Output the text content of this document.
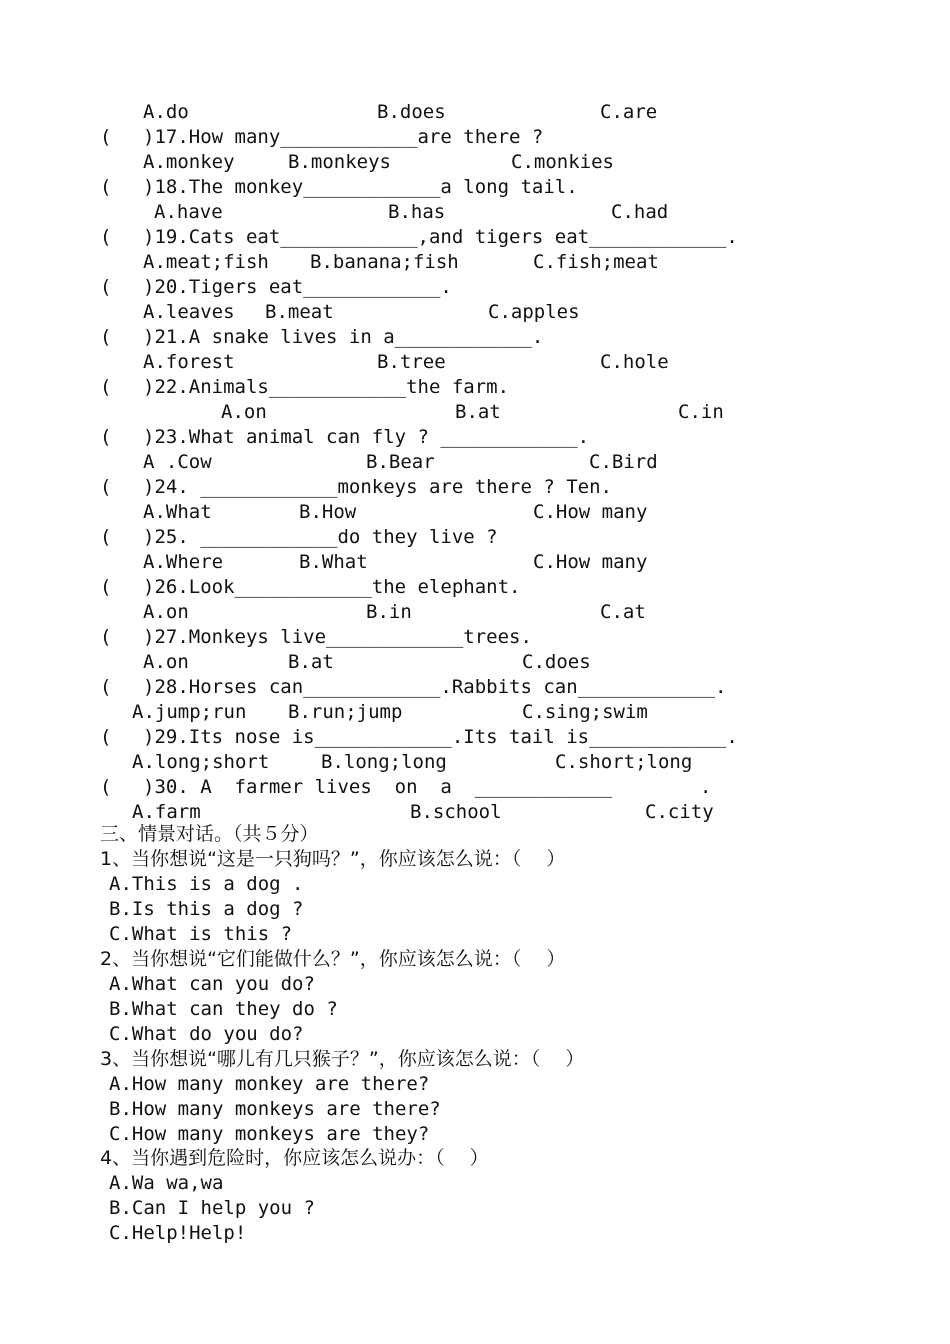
A.do	B.does	C.are
( )17.How many____________are there ?
A.monkey	B.monkeys	C.monkies
( )18.The monkey____________a long tail.
A.have	B.has	C.had
( )19.Cats eat____________,and tigers eat____________.
A.meat;fish B.banana;fish	C.fish;meat
( )20.Tigers eat____________.
A.leaves B.meat	C.apples
( )21.A snake lives in a____________.
A.forest	B.tree	C.hole
( )22.Animals____________the farm.
A.on	B.at	C.in
( )23.What animal can fly ? ____________.
A .Cow	B.Bear	C.Bird
( )24. ____________monkeys are there ? Ten.
A.What	B.How	C.How many
( )25. ____________do they live ?
A.Where	B.What	C.How many
( )26.Look____________the elephant.
A.on	B.in	C.at
( )27.Monkeys live____________trees.
A.on	B.at	C.does
( )28.Horses can____________.Rabbits can____________.
A.jump;run B.run;jump	C.sing;swim
( )29.Its nose is____________.Its tail is____________.
A.long;short	B.long;long	C.short;long
( )30. A  farmer lives  on  a  ____________	.
A.farm	B.school	C.city
三、情景对话。（共５分）
1、当你想说“这是一只狗吗？”，你应该怎么说：（　 ）
A.This is a dog .
B.Is this a dog ?
C.What is this ?
2、当你想说“它们能做什么？”，你应该怎么说：（　 ）
A.What can you do?
B.What can they do ?
C.What do you do?
3、当你想说“哪儿有几只猴子？”，你应该怎么说：（　 ）
A.How many monkey are there?
B.How many monkeys are there?
C.How many monkeys are they?
4、当你遇到危险时，你应该怎么说办：（　 ）
A.Wa wa,wa
B.Can I help you ?
C.Help!Help!
